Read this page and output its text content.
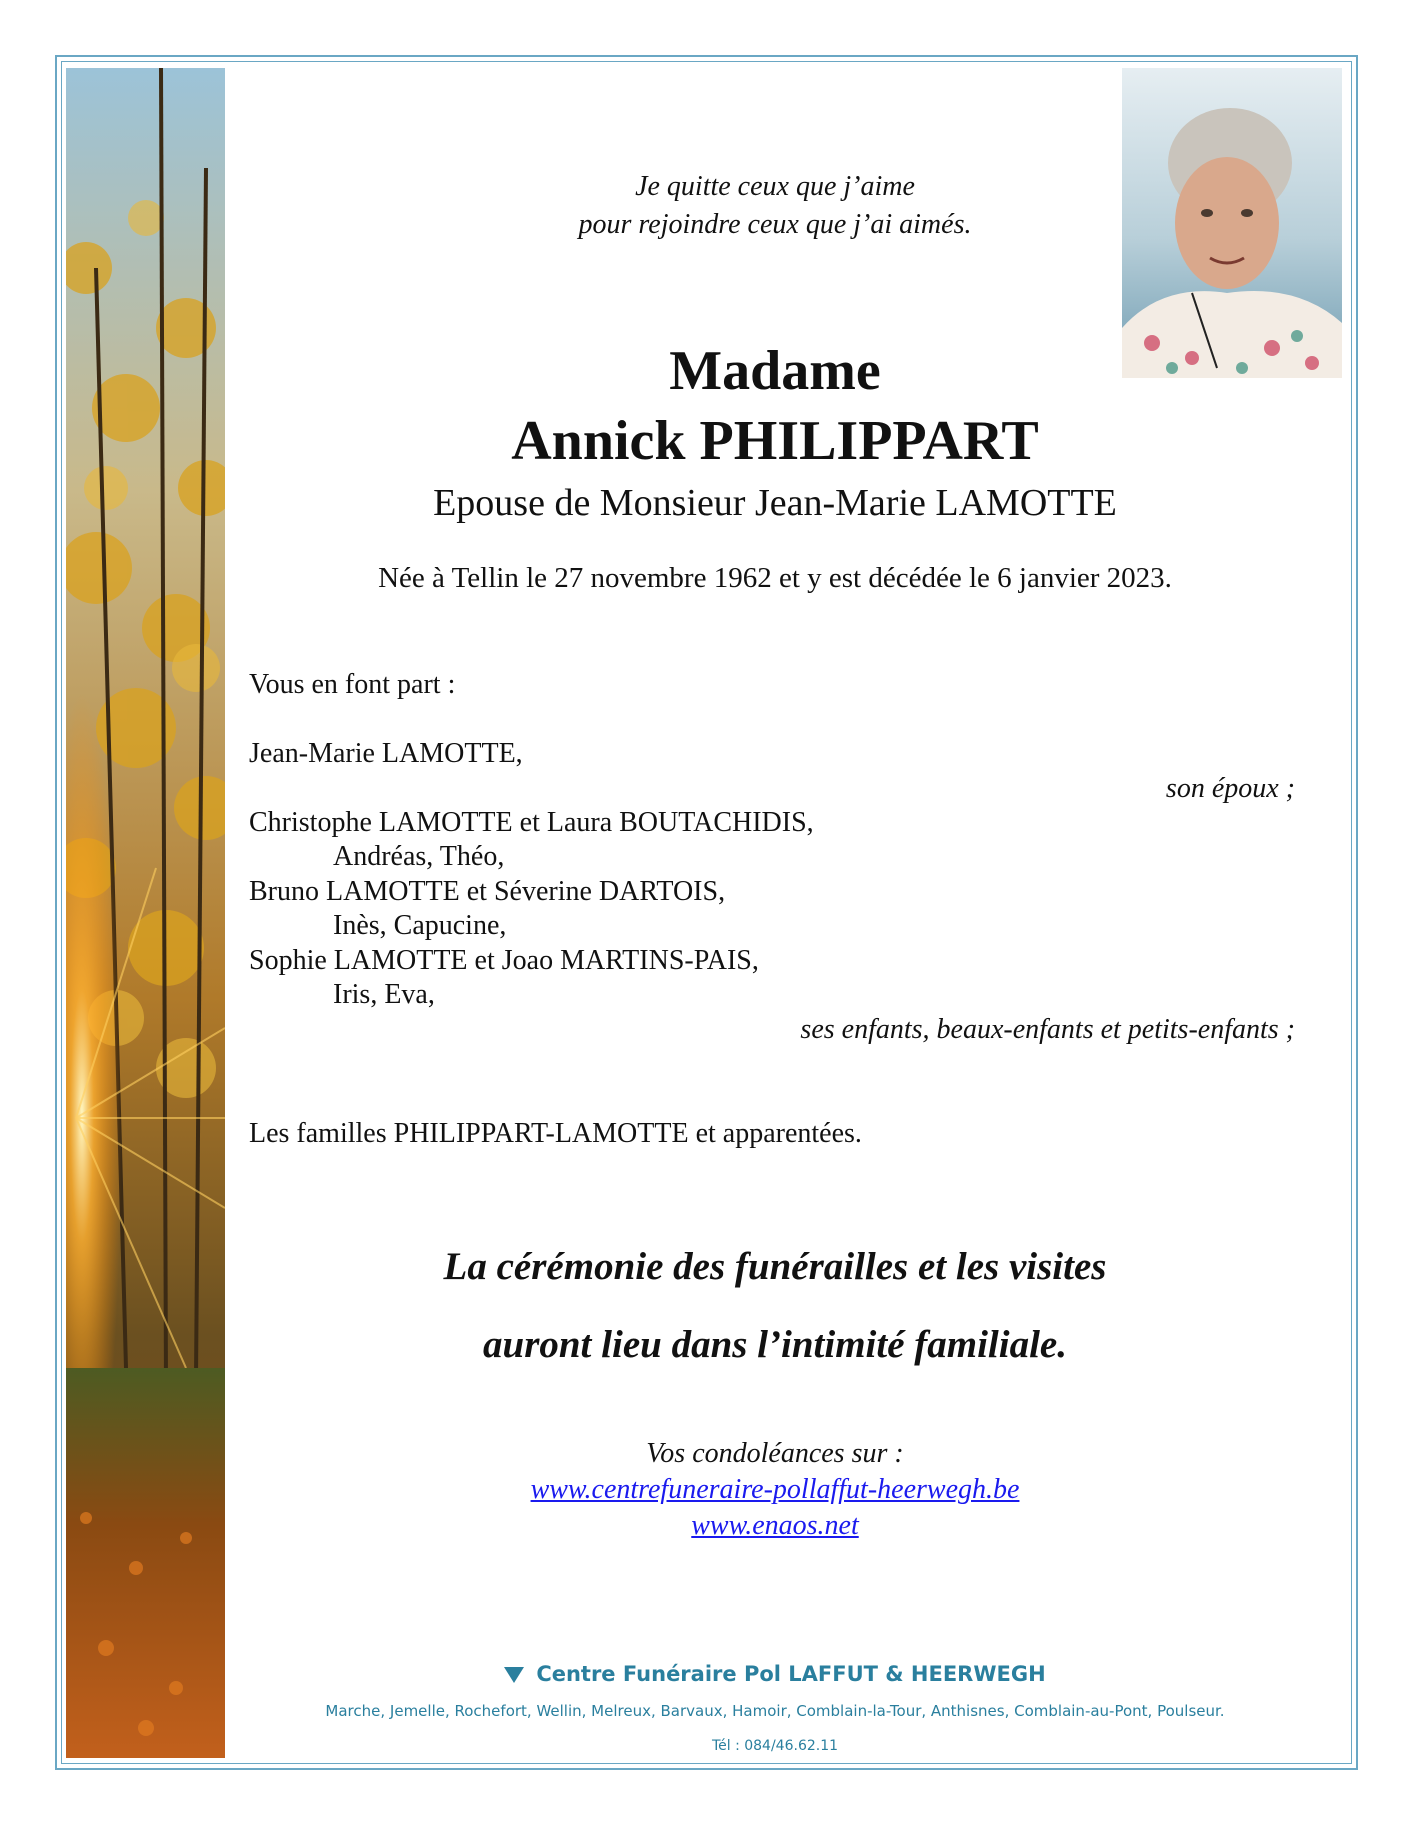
Je quitte ceux que j’aime
pour rejoindre ceux que j’ai aimés.
Madame
Annick PHILIPPART
Epouse de Monsieur Jean-Marie LAMOTTE
Née à Tellin le 27 novembre 1962 et y est décédée le 6 janvier 2023.
Vous en font part :
Jean-Marie LAMOTTE,
son époux ;
Christophe LAMOTTE et Laura BOUTACHIDIS,
Andréas, Théo,
Bruno LAMOTTE et Séverine DARTOIS,
Inès, Capucine,
Sophie LAMOTTE et Joao MARTINS-PAIS,
Iris, Eva,
ses enfants, beaux-enfants et petits-enfants ;
Les familles PHILIPPART-LAMOTTE et apparentées.
La cérémonie des funérailles et les visites
auront lieu dans l’intimité familiale.
Vos condoléances sur :
www.centrefuneraire-pollaffut-heerwegh.be
www.enaos.net
Centre Funéraire Pol LAFFUT & HEERWEGH
Marche, Jemelle, Rochefort, Wellin, Melreux, Barvaux, Hamoir, Comblain-la-Tour, Anthisnes, Comblain-au-Pont, Poulseur.
Tél : 084/46.62.11
